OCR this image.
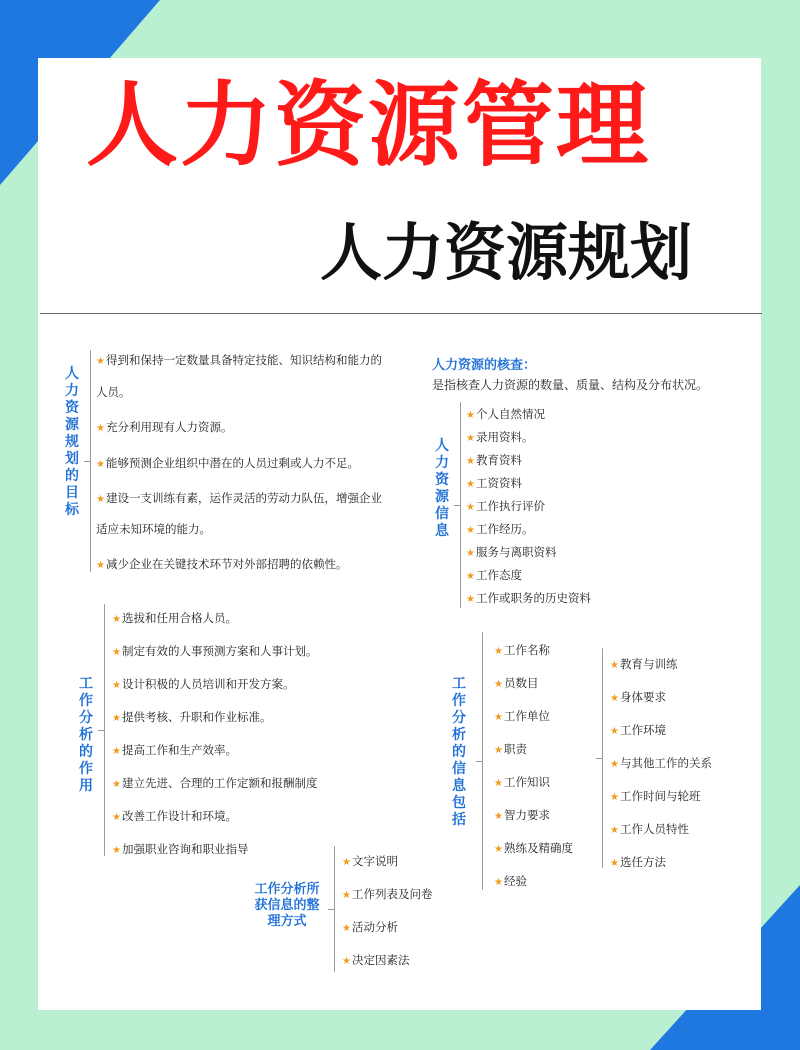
人力资源管理
人力资源规划
人力资源规划的目标
★得到和保持一定数量具备特定技能、知识结构和能力的
人员。
★充分利用现有人力资源。
★能够预测企业组织中潜在的人员过剩或人力不足。
★建设一支训练有素，运作灵活的劳动力队伍，增强企业
适应未知环境的能力。
★减少企业在关键技术环节对外部招聘的依赖性。
人力资源的核查：
是指核查人力资源的数量、质量、结构及分布状况。
人力资源信息
★个人自然情况
★录用资料。
★教育资料
★工资资料
★工作执行评价
★工作经历。
★服务与离职资料
★工作态度
★工作或职务的历史资料
工作分析的作用
★选拔和任用合格人员。
★制定有效的人事预测方案和人事计划。
★设计积极的人员培训和开发方案。
★提供考核、升职和作业标准。
★提高工作和生产效率。
★建立先进、合理的工作定额和报酬制度
★改善工作设计和环境。
★加强职业咨询和职业指导
工作分析的信息包括
★工作名称
★员数目
★工作单位
★职责
★工作知识
★智力要求
★熟练及精确度
★经验
★教育与训练
★身体要求
★工作环境
★与其他工作的关系
★工作时间与轮班
★工作人员特性
★选任方法
工作分析所获信息的整理方式
★文字说明
★工作列表及问卷
★活动分析
★决定因素法
